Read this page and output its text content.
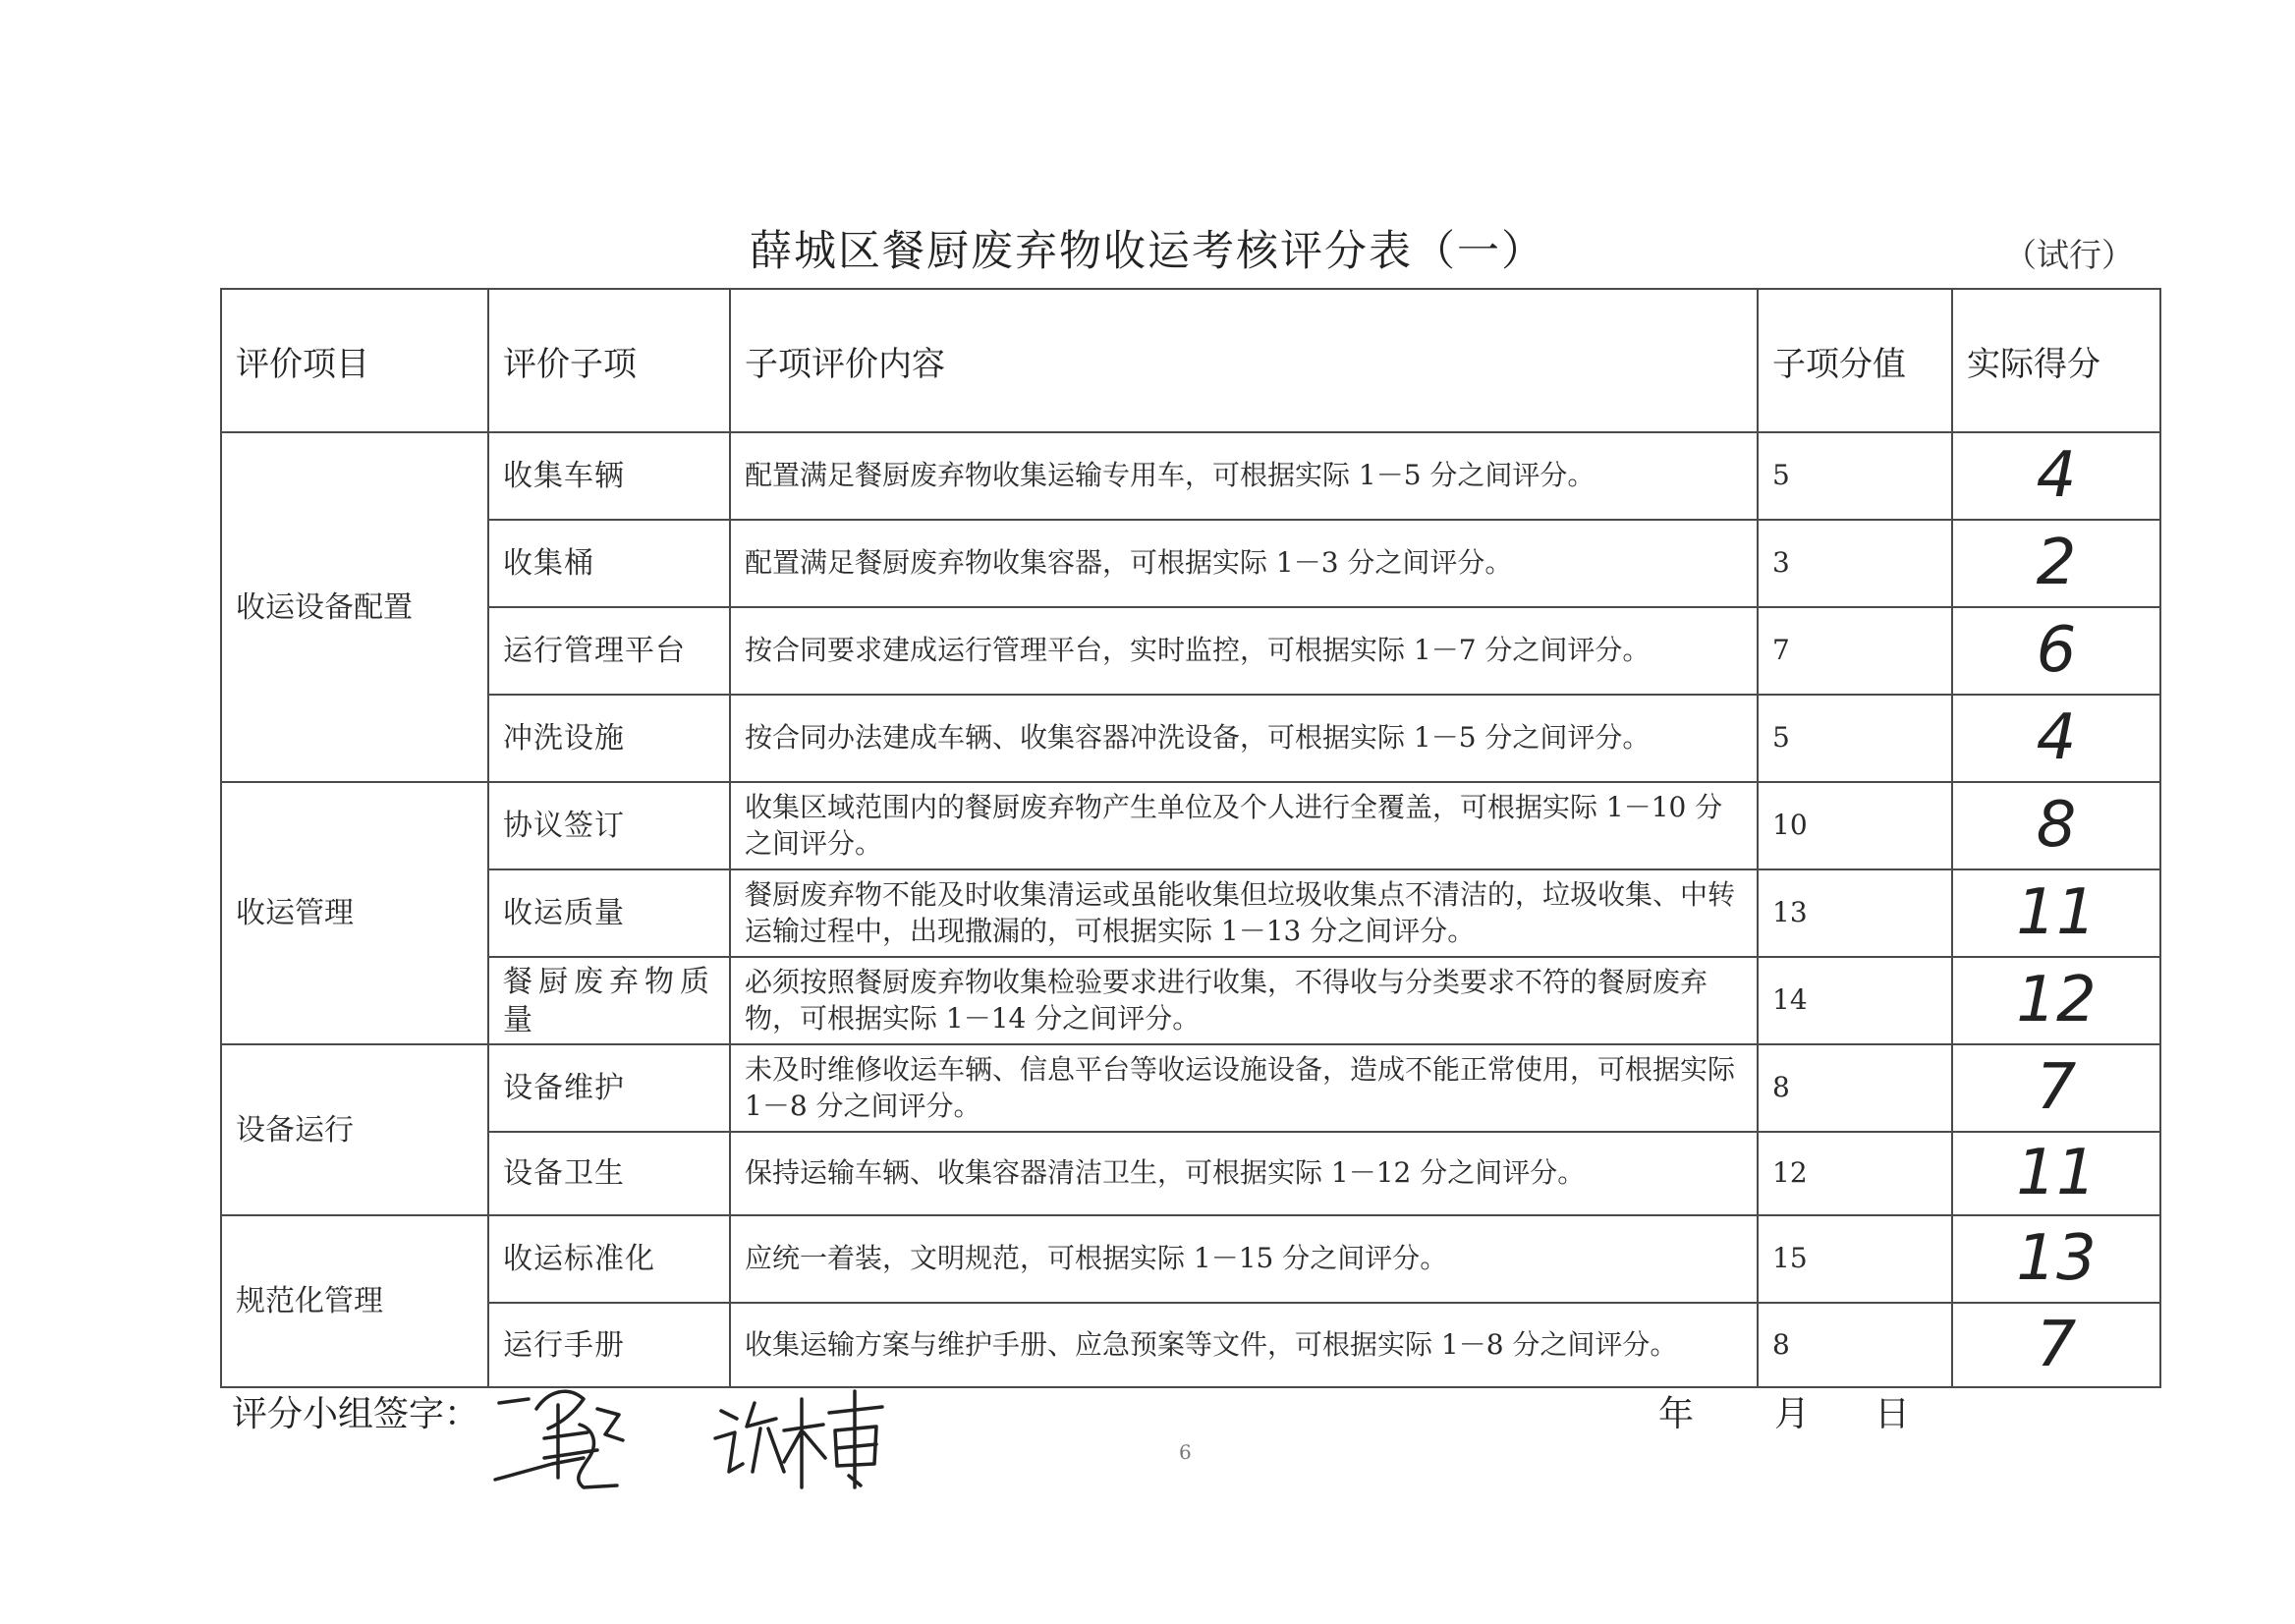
薛城区餐厨废弃物收运考核评分表（一）	（试行）
评价项目	评价子项	子项评价内容	子项分值	实际得分
收运设备配置	收集车辆	配置满足餐厨废弃物收集运输专用车，可根据实际 1－5 分之间评分。	5	4
	收集桶	配置满足餐厨废弃物收集容器，可根据实际 1－3 分之间评分。	3	2
	运行管理平台	按合同要求建成运行管理平台，实时监控，可根据实际 1－7 分之间评分。	7	6
	冲洗设施	按合同办法建成车辆、收集容器冲洗设备，可根据实际 1－5 分之间评分。	5	4
收运管理	协议签订	收集区域范围内的餐厨废弃物产生单位及个人进行全覆盖，可根据实际 1－10 分之间评分。	10	8
	收运质量	餐厨废弃物不能及时收集清运或虽能收集但垃圾收集点不清洁的，垃圾收集、中转运输过程中，出现撒漏的，可根据实际 1－13 分之间评分。	13	11
	餐厨废弃物质量	必须按照餐厨废弃物收集检验要求进行收集，不得收与分类要求不符的餐厨废弃物，可根据实际 1－14 分之间评分。	14	12
设备运行	设备维护	未及时维修收运车辆、信息平台等收运设施设备，造成不能正常使用，可根据实际 1－8 分之间评分。	8	7
	设备卫生	保持运输车辆、收集容器清洁卫生，可根据实际 1－12 分之间评分。	12	11
规范化管理	收运标准化	应统一着装，文明规范，可根据实际 1－15 分之间评分。	15	13
	运行手册	收集运输方案与维护手册、应急预案等文件，可根据实际 1－8 分之间评分。	8	7
评分小组签字：	年 月 日
6
